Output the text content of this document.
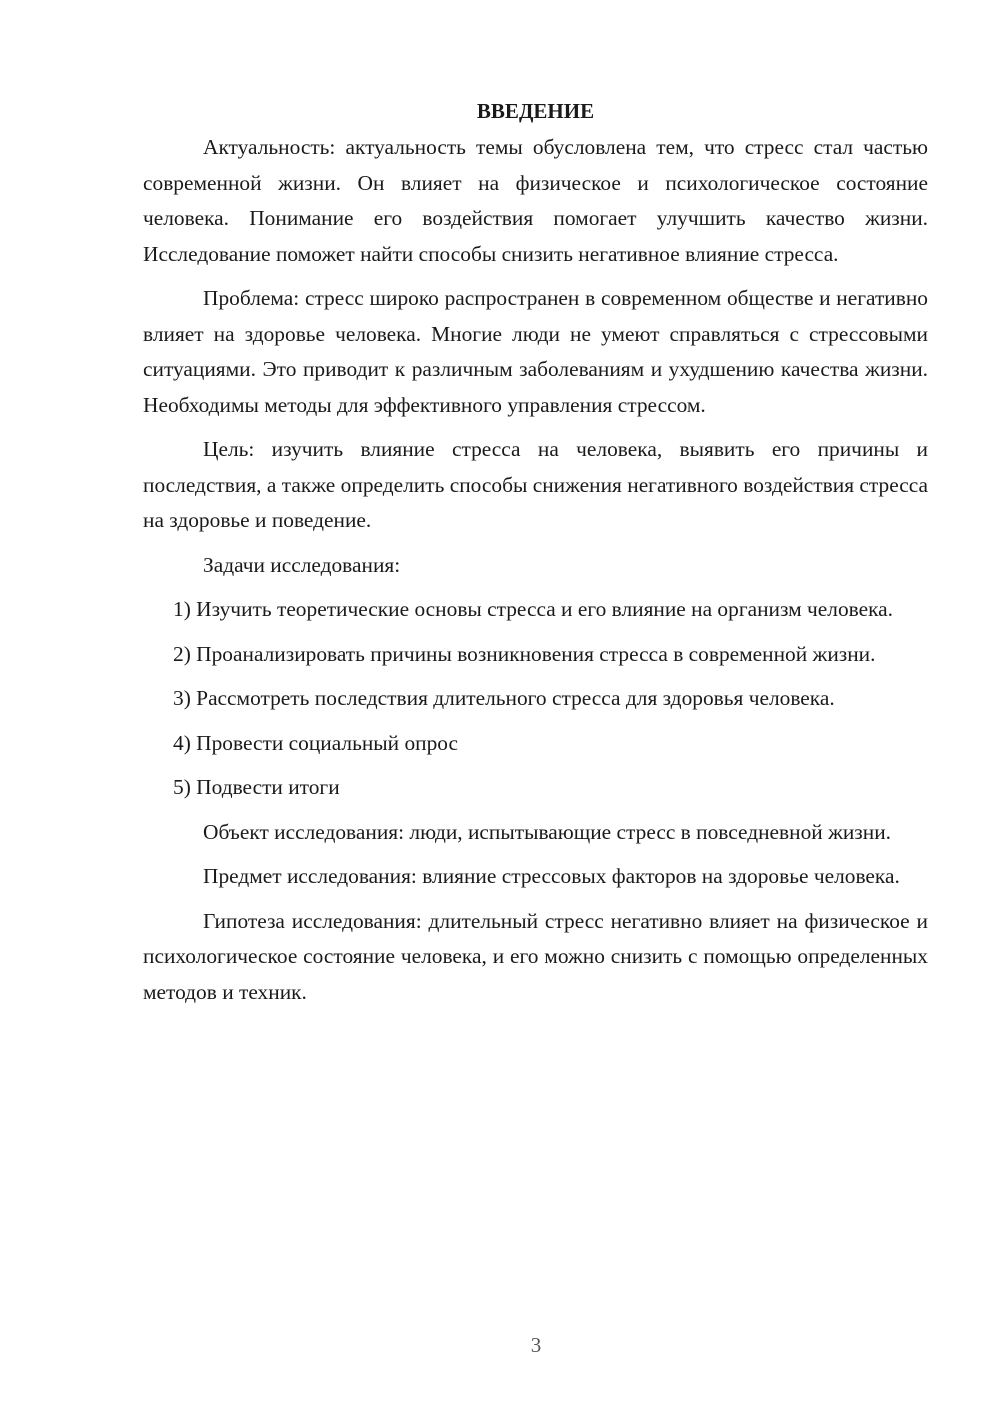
ВВЕДЕНИЕ

Актуальность: актуальность темы обусловлена тем, что стресс стал частью современной жизни. Он влияет на физическое и психологическое состояние человека. Понимание его воздействия помогает улучшить качество жизни. Исследование поможет найти способы снизить негативное влияние стресса.

Проблема: стресс широко распространен в современном обществе и негативно влияет на здоровье человека. Многие люди не умеют справляться с стрессовыми ситуациями. Это приводит к различным заболеваниям и ухудшению качества жизни. Необходимы методы для эффективного управления стрессом.

Цель: изучить влияние стресса на человека, выявить его причины и последствия, а также определить способы снижения негативного воздействия стресса на здоровье и поведение.

Задачи исследования:

1) Изучить теоретические основы стресса и его влияние на организм человека.

2) Проанализировать причины возникновения стресса в современной жизни.

3) Рассмотреть последствия длительного стресса для здоровья человека.

4) Провести социальный опрос

5) Подвести итоги

Объект исследования: люди, испытывающие стресс в повседневной жизни.

Предмет исследования: влияние стрессовых факторов на здоровье человека.

Гипотеза исследования: длительный стресс негативно влияет на физическое и психологическое состояние человека, и его можно снизить с помощью определенных методов и техник.

3
